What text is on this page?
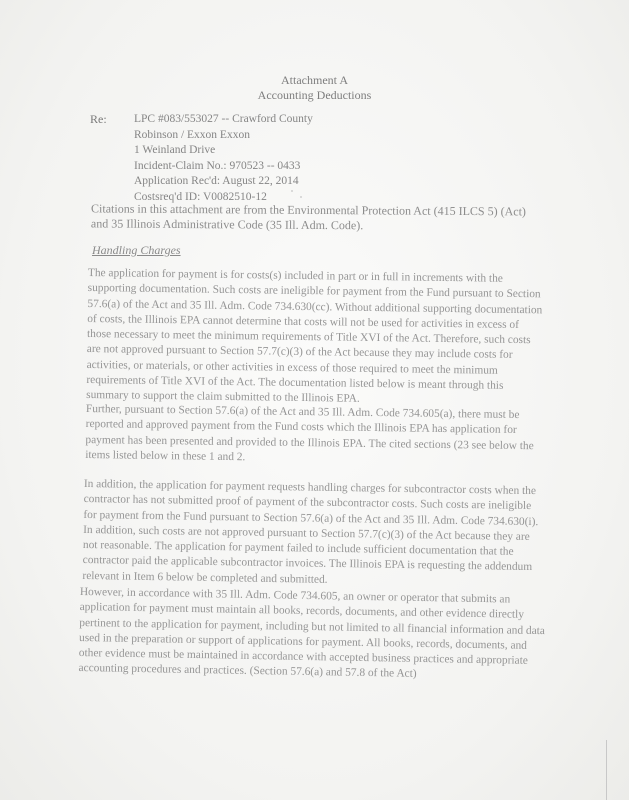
Attachment A
Accounting Deductions
Re: LPC #083/553027 -- Crawford County
Robinson / Exxon Exxon
1 Weinland Drive
Incident-Claim No.: 970523 -- 0433
Application Rec'd: August 22, 2014
Costsreq'd ID: V0082510-12
Citations in this attachment are from the Environmental Protection Act (415 ILCS 5) (Act) and 35 Illinois Administrative Code (35 Ill. Adm. Code).
Handling Charges
The application for payment is for costs(s) included in part or in full in increments with the supporting documentation. Such costs are ineligible for payment from the Fund pursuant to Section 57.6(a) of the Act and 35 Ill. Adm. Code 734.630(cc). Without additional supporting documentation of costs, the Illinois EPA cannot determine that costs will not be used for activities in excess of those necessary to meet the minimum requirements of Title XVI of the Act. Therefore, such costs are not approved pursuant to Section 57.7(c)(3) of the Act because they may include costs for activities, or materials, or other activities in excess of those required to meet the minimum requirements of Title XVI of the Act. The documentation listed below is meant through this summary to support the claim submitted to the Illinois EPA.
Further, pursuant to Section 57.6(a) of the Act and 35 Ill. Adm. Code 734.605(a), there must be reported and approved payment from the Fund costs which the Illinois EPA has application for payment has been presented and provided to the Illinois EPA. The cited sections (23 see below the items listed below in these 1 and 2.
In addition, the application for payment requests handling charges for subcontractor costs when the contractor has not submitted proof of payment of the subcontractor costs. Such costs are ineligible for payment from the Fund pursuant to Section 57.6(a) of the Act and 35 Ill. Adm. Code 734.630(i). In addition, such costs are not approved pursuant to Section 57.7(c)(3) of the Act because they are not reasonable. The application for payment failed to include sufficient documentation that the contractor paid the applicable subcontractor invoices. The Illinois EPA is requesting the addendum relevant in Item 6 below be completed and submitted.
However, in accordance with 35 Ill. Adm. Code 734.605, an owner or operator that submits an application for payment must maintain all books, records, documents, and other evidence directly pertinent to the application for payment, including but not limited to all financial information and data used in the preparation or support of applications for payment. All books, records, documents, and other evidence must be maintained in accordance with accepted business practices and appropriate accounting procedures and practices. (Section 57.6(a) and 57.8 of the Act)
